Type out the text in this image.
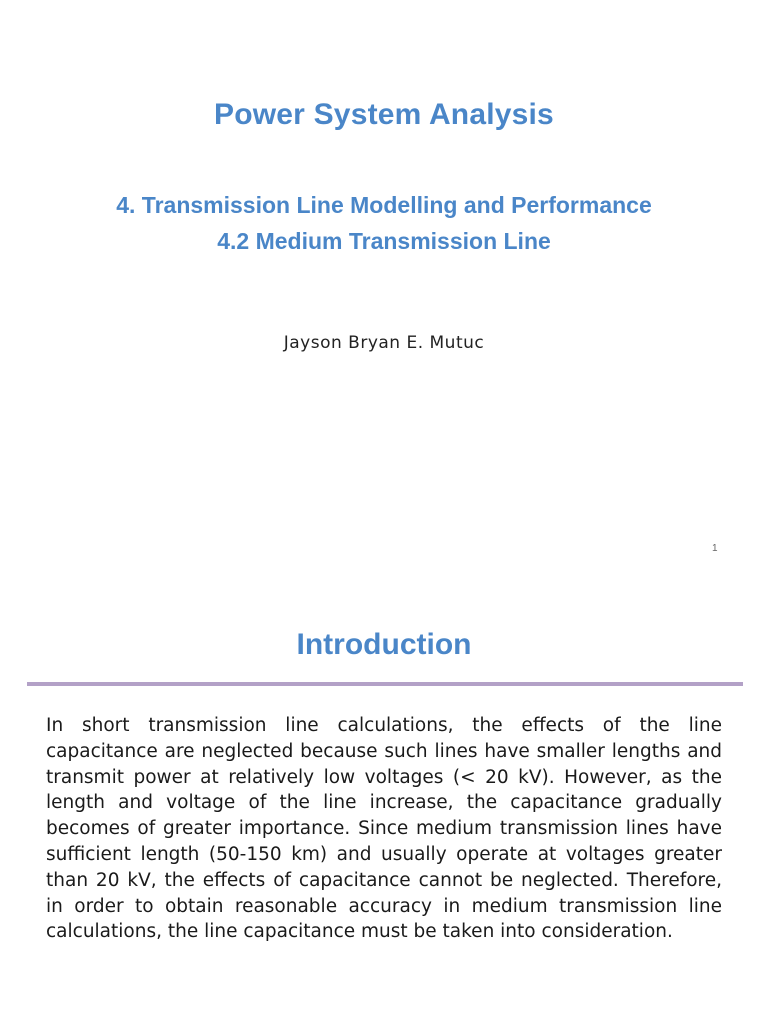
Power System Analysis
4. Transmission Line Modelling and Performance
4.2 Medium Transmission Line
Jayson Bryan E. Mutuc
1
Introduction

In short transmission line calculations, the effects of the line capacitance are neglected because such lines have smaller lengths and transmit power at relatively low voltages (< 20 kV). However, as the length and voltage of the line increase, the capacitance gradually becomes of greater importance. Since medium transmission lines have sufficient length (50-150 km) and usually operate at voltages greater than 20 kV, the effects of capacitance cannot be neglected. Therefore, in order to obtain reasonable accuracy in medium transmission line calculations, the line capacitance must be taken into consideration.
